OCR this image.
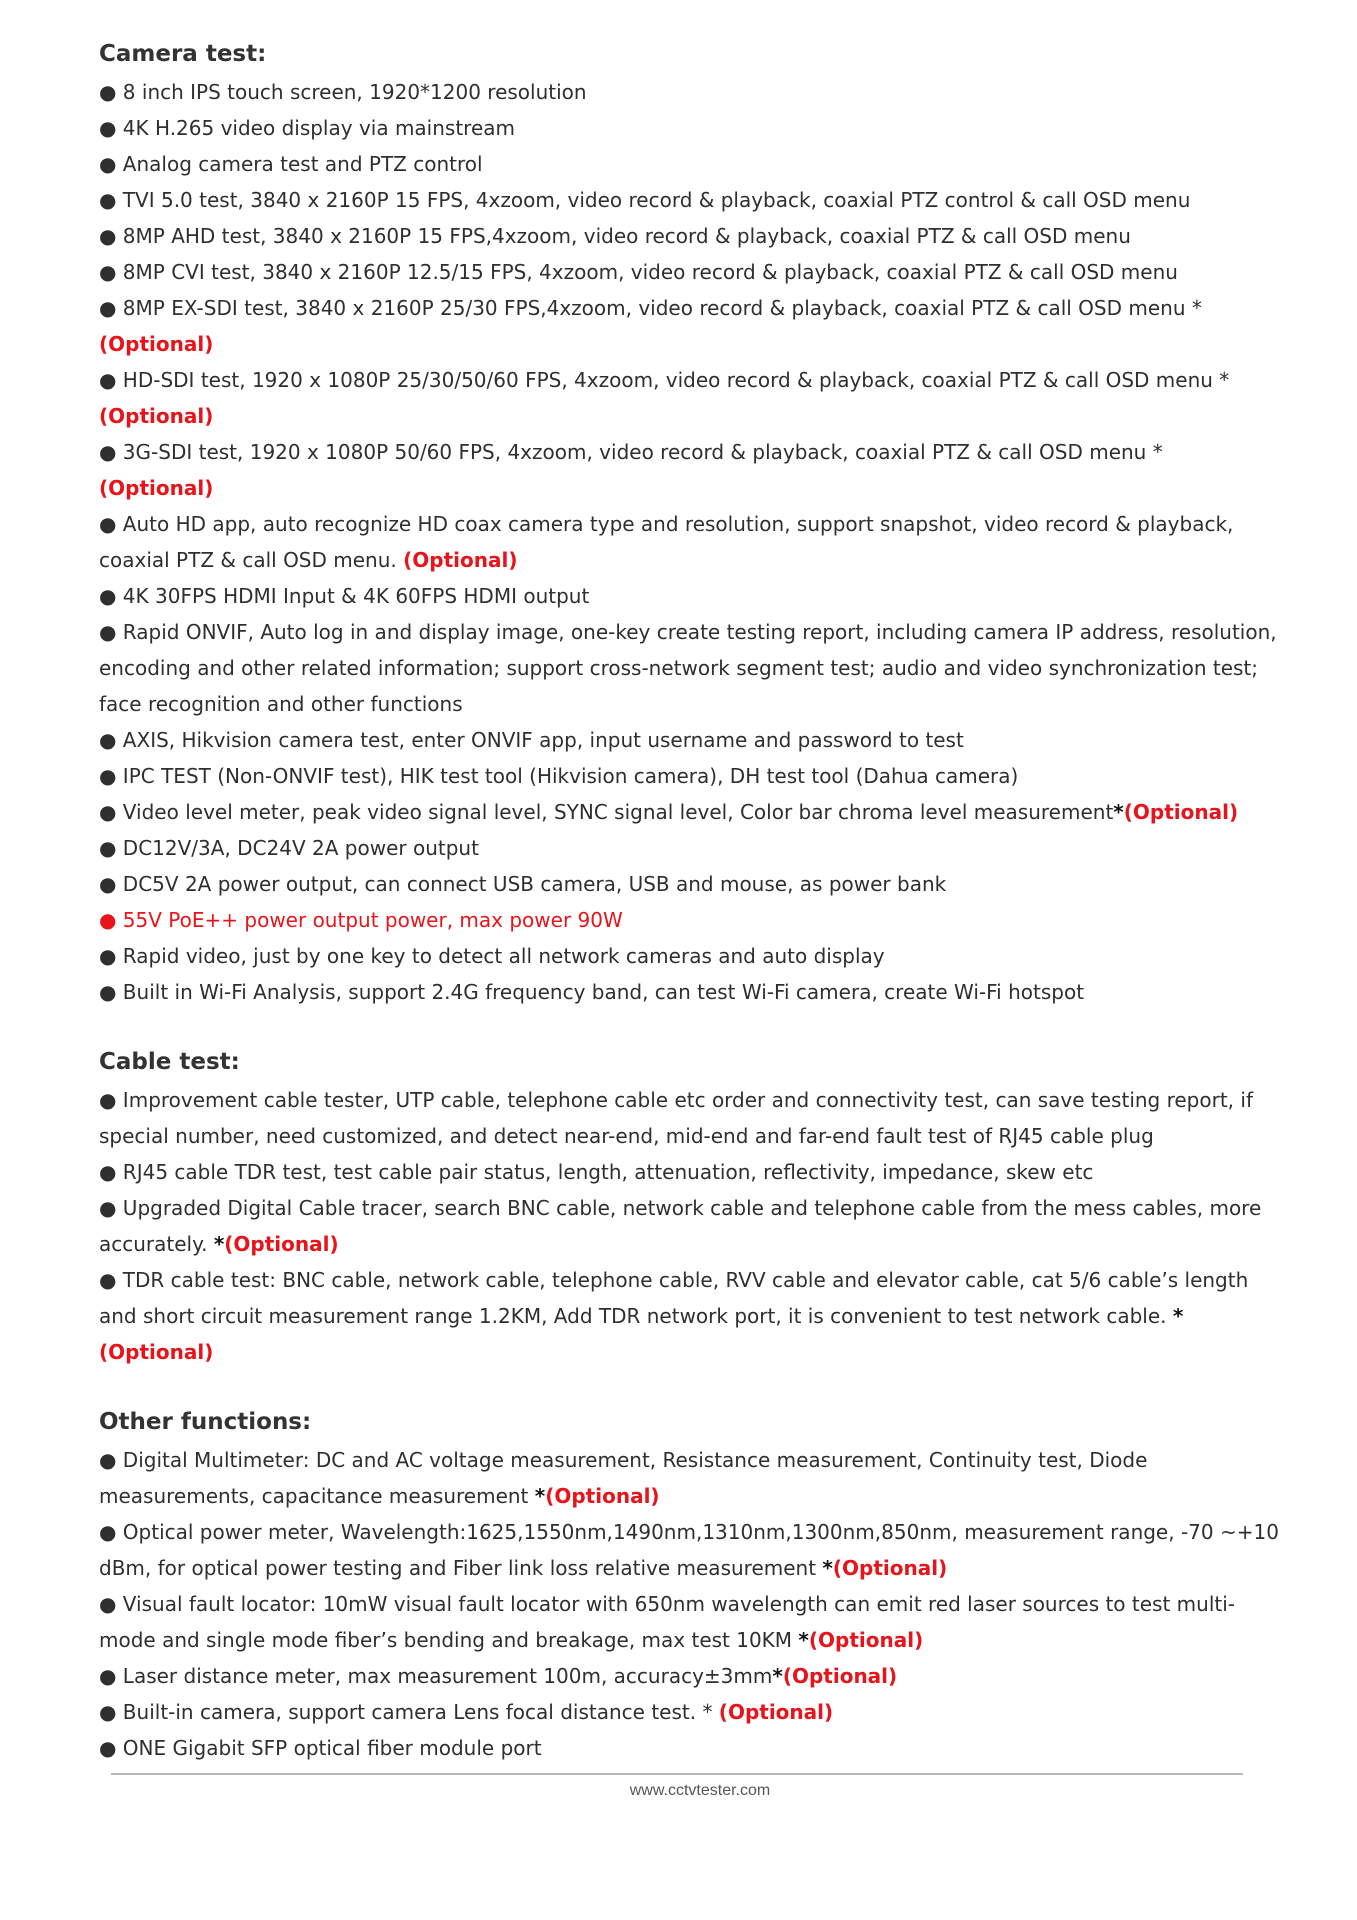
Camera test:
● 8 inch IPS touch screen, 1920*1200 resolution
● 4K H.265 video display via mainstream
● Analog camera test and PTZ control
● TVI 5.0 test, 3840 x 2160P 15 FPS, 4xzoom, video record & playback, coaxial PTZ control & call OSD menu
● 8MP AHD test, 3840 x 2160P 15 FPS,4xzoom, video record & playback, coaxial PTZ & call OSD menu
● 8MP CVI test, 3840 x 2160P 12.5/15 FPS, 4xzoom, video record & playback, coaxial PTZ & call OSD menu
● 8MP EX-SDI test, 3840 x 2160P 25/30 FPS,4xzoom, video record & playback, coaxial PTZ & call OSD menu *(Optional)
● HD-SDI test, 1920 x 1080P 25/30/50/60 FPS, 4xzoom, video record & playback, coaxial PTZ & call OSD menu * (Optional)
● 3G-SDI test, 1920 x 1080P 50/60 FPS, 4xzoom, video record & playback, coaxial PTZ & call OSD menu * (Optional)
● Auto HD app, auto recognize HD coax camera type and resolution, support snapshot, video record & playback, coaxial PTZ & call OSD menu. (Optional)
● 4K 30FPS HDMI Input & 4K 60FPS HDMI output
● Rapid ONVIF, Auto log in and display image, one-key create testing report, including camera IP address, resolution, encoding and other related information; support cross-network segment test; audio and video synchronization test; face recognition and other functions
● AXIS, Hikvision camera test, enter ONVIF app, input username and password to test
● IPC TEST (Non-ONVIF test), HIK test tool (Hikvision camera), DH test tool (Dahua camera)
● Video level meter, peak video signal level, SYNC signal level, Color bar chroma level measurement*(Optional)
● DC12V/3A, DC24V 2A power output
● DC5V 2A power output, can connect USB camera, USB and mouse, as power bank
● 55V PoE++ power output power, max power 90W
● Rapid video, just by one key to detect all network cameras and auto display
● Built in Wi-Fi Analysis, support 2.4G frequency band, can test Wi-Fi camera, create Wi-Fi hotspot
Cable test:
● Improvement cable tester, UTP cable, telephone cable etc order and connectivity test, can save testing report, if special number, need customized, and detect near-end, mid-end and far-end fault test of RJ45 cable plug
● RJ45 cable TDR test, test cable pair status, length, attenuation, reflectivity, impedance, skew etc
● Upgraded Digital Cable tracer, search BNC cable, network cable and telephone cable from the mess cables, more accurately. *(Optional)
● TDR cable test: BNC cable, network cable, telephone cable, RVV cable and elevator cable, cat 5/6 cable’s length and short circuit measurement range 1.2KM, Add TDR network port, it is convenient to test network cable. *(Optional)
Other functions:
● Digital Multimeter: DC and AC voltage measurement, Resistance measurement, Continuity test, Diode measurements, capacitance measurement *(Optional)
● Optical power meter, Wavelength:1625,1550nm,1490nm,1310nm,1300nm,850nm, measurement range, -70 ~+10 dBm, for optical power testing and Fiber link loss relative measurement *(Optional)
● Visual fault locator: 10mW visual fault locator with 650nm wavelength can emit red laser sources to test multi-mode and single mode fiber’s bending and breakage, max test 10KM *(Optional)
● Laser distance meter, max measurement 100m, accuracy±3mm*(Optional)
● Built-in camera, support camera Lens focal distance test. * (Optional)
● ONE Gigabit SFP optical fiber module port
www.cctvtester.com
